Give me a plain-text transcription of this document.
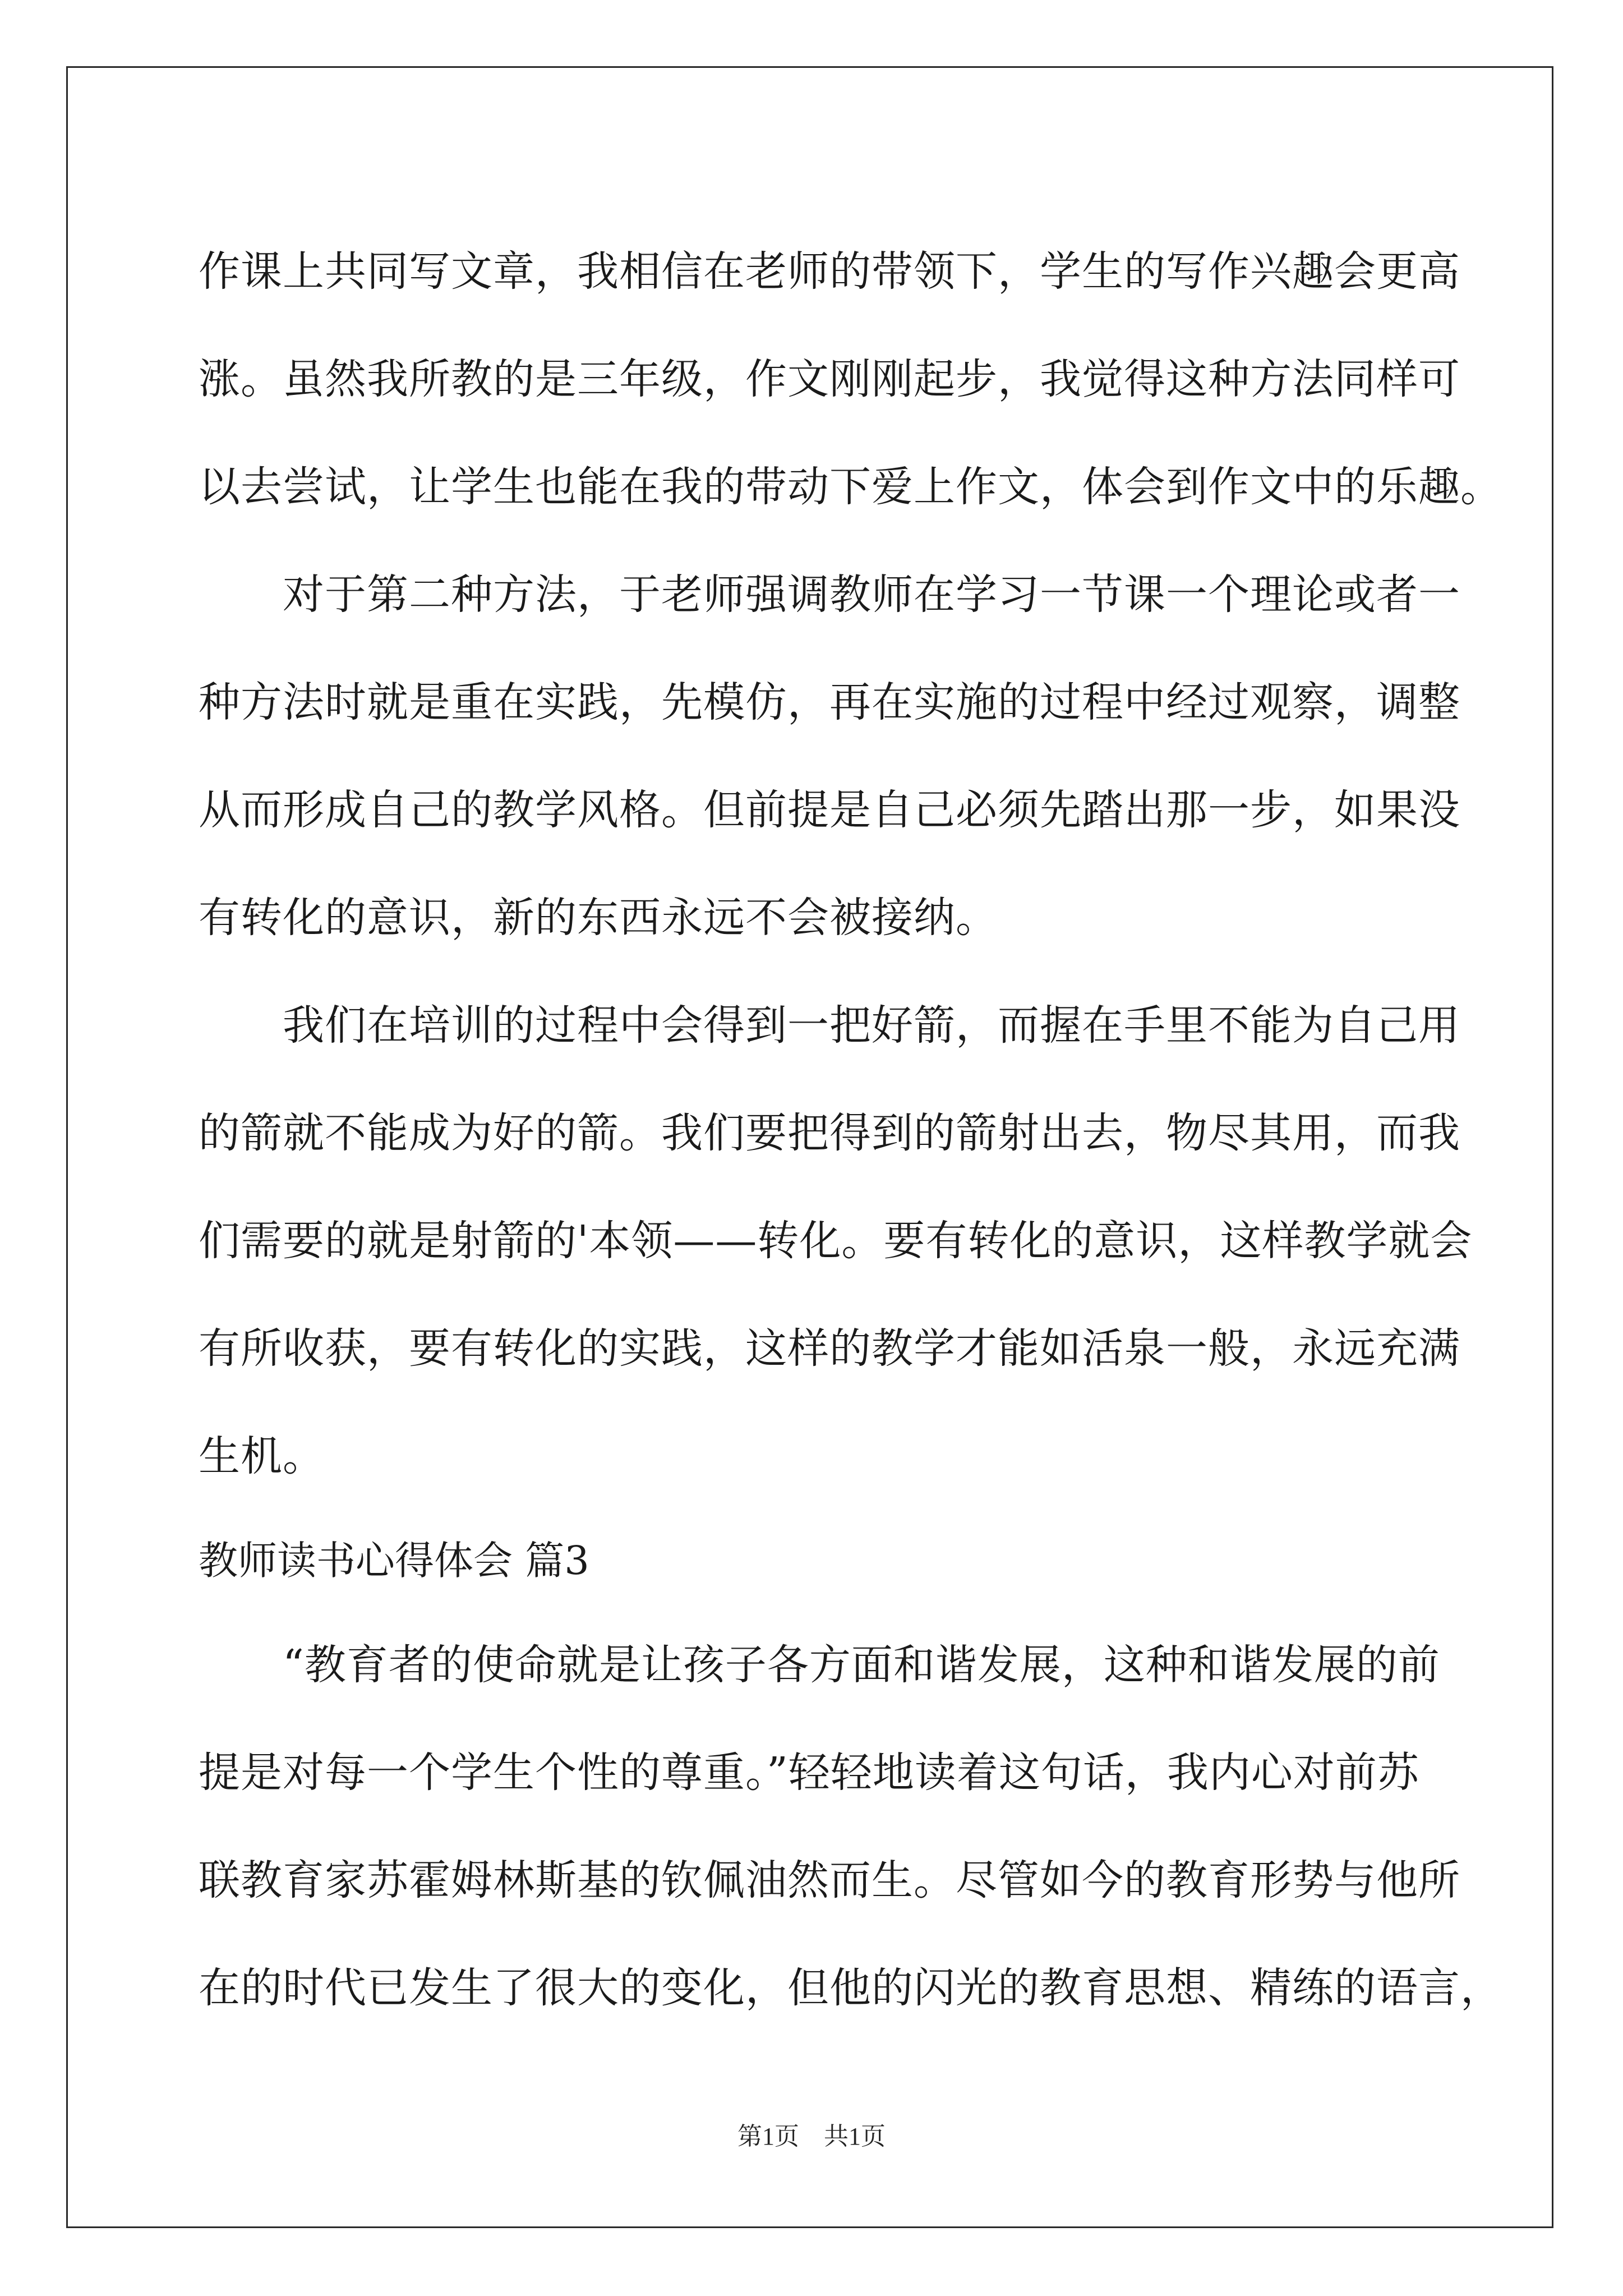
作课上共同写文章，我相信在老师的带领下，学生的写作兴趣会更高
涨。虽然我所教的是三年级，作文刚刚起步，我觉得这种方法同样可
以去尝试，让学生也能在我的带动下爱上作文，体会到作文中的乐趣。
　　对于第二种方法，于老师强调教师在学习一节课一个理论或者一
种方法时就是重在实践，先模仿，再在实施的过程中经过观察，调整
从而形成自己的教学风格。但前提是自己必须先踏出那一步，如果没
有转化的意识，新的东西永远不会被接纳。
　　我们在培训的过程中会得到一把好箭，而握在手里不能为自己用
的箭就不能成为好的箭。我们要把得到的箭射出去，物尽其用，而我
们需要的就是射箭的'本领——转化。要有转化的意识，这样教学就会
有所收获，要有转化的实践，这样的教学才能如活泉一般，永远充满
生机。
教师读书心得体会 篇3
　　“教育者的使命就是让孩子各方面和谐发展，这种和谐发展的前
提是对每一个学生个性的尊重。”轻轻地读着这句话，我内心对前苏
联教育家苏霍姆林斯基的钦佩油然而生。尽管如今的教育形势与他所
在的时代已发生了很大的变化，但他的闪光的教育思想、精练的语言，
第1页　共1页
